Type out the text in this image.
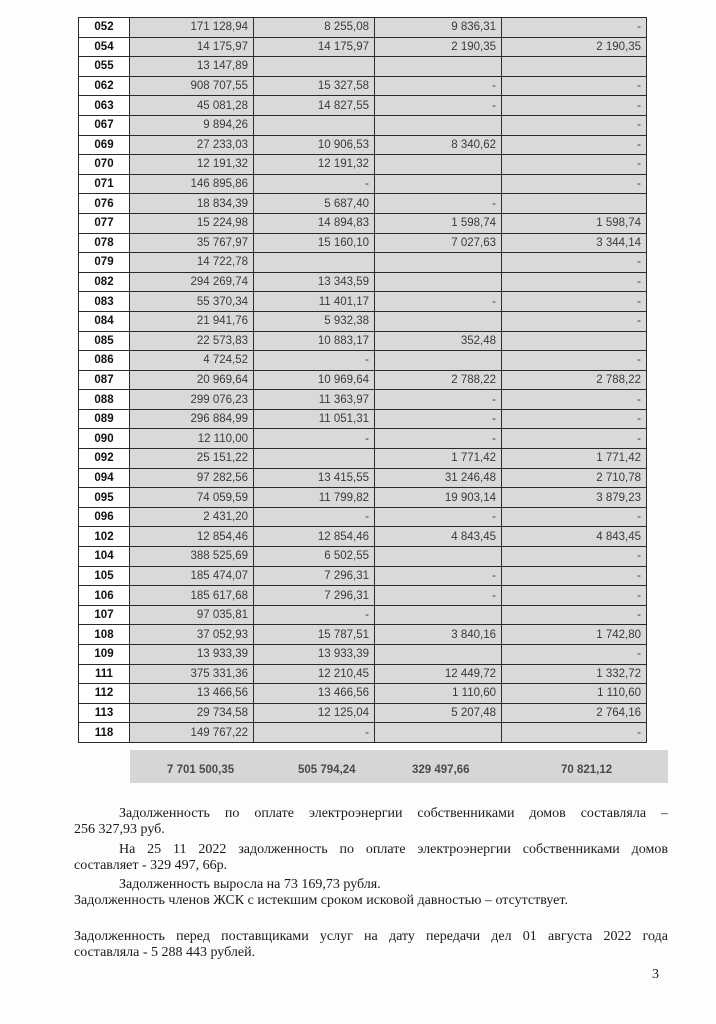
052	171 128,94	8 255,08	9 836,31	-
054	14 175,97	14 175,97	2 190,35	2 190,35
055	13 147,89			
062	908 707,55	15 327,58	-	-
063	45 081,28	14 827,55	-	-
067	9 894,26			-
069	27 233,03	10 906,53	8 340,62	-
070	12 191,32	12 191,32		-
071	146 895,86	-		-
076	18 834,39	5 687,40	-	
077	15 224,98	14 894,83	1 598,74	1 598,74
078	35 767,97	15 160,10	7 027,63	3 344,14
079	14 722,78			-
082	294 269,74	13 343,59		-
083	55 370,34	11 401,17	-	-
084	21 941,76	5 932,38		-
085	22 573,83	10 883,17	352,48	
086	4 724,52	-		-
087	20 969,64	10 969,64	2 788,22	2 788,22
088	299 076,23	11 363,97	-	-
089	296 884,99	11 051,31	-	-
090	12 110,00	-	-	-
092	25 151,22		1 771,42	1 771,42
094	97 282,56	13 415,55	31 246,48	2 710,78
095	74 059,59	11 799,82	19 903,14	3 879,23
096	2 431,20	-	-	-
102	12 854,46	12 854,46	4 843,45	4 843,45
104	388 525,69	6 502,55		-
105	185 474,07	7 296,31	-	-
106	185 617,68	7 296,31	-	-
107	97 035,81	-		-
108	37 052,93	15 787,51	3 840,16	1 742,80
109	13 933,39	13 933,39		-
111	375 331,36	12 210,45	12 449,72	1 332,72
112	13 466,56	13 466,56	1 110,60	1 110,60
113	29 734,58	12 125,04	5 207,48	2 764,16
118	149 767,22	-		-
7 701 500,35	505 794,24	329 497,66	70 821,12
Задолженность по оплате электроэнергии собственниками домов составляла –
256 327,93 руб.
На 25 11 2022 задолженность по оплате электроэнергии собственниками домов
составляет - 329 497, 66р.
Задолженность выросла на 73 169,73 рубля.
Задолженность членов ЖСК с истекшим сроком исковой давностью – отсутствует.
Задолженность перед поставщиками услуг на дату передачи дел 01 августа 2022 года
составляла - 5 288 443 рублей.
3
